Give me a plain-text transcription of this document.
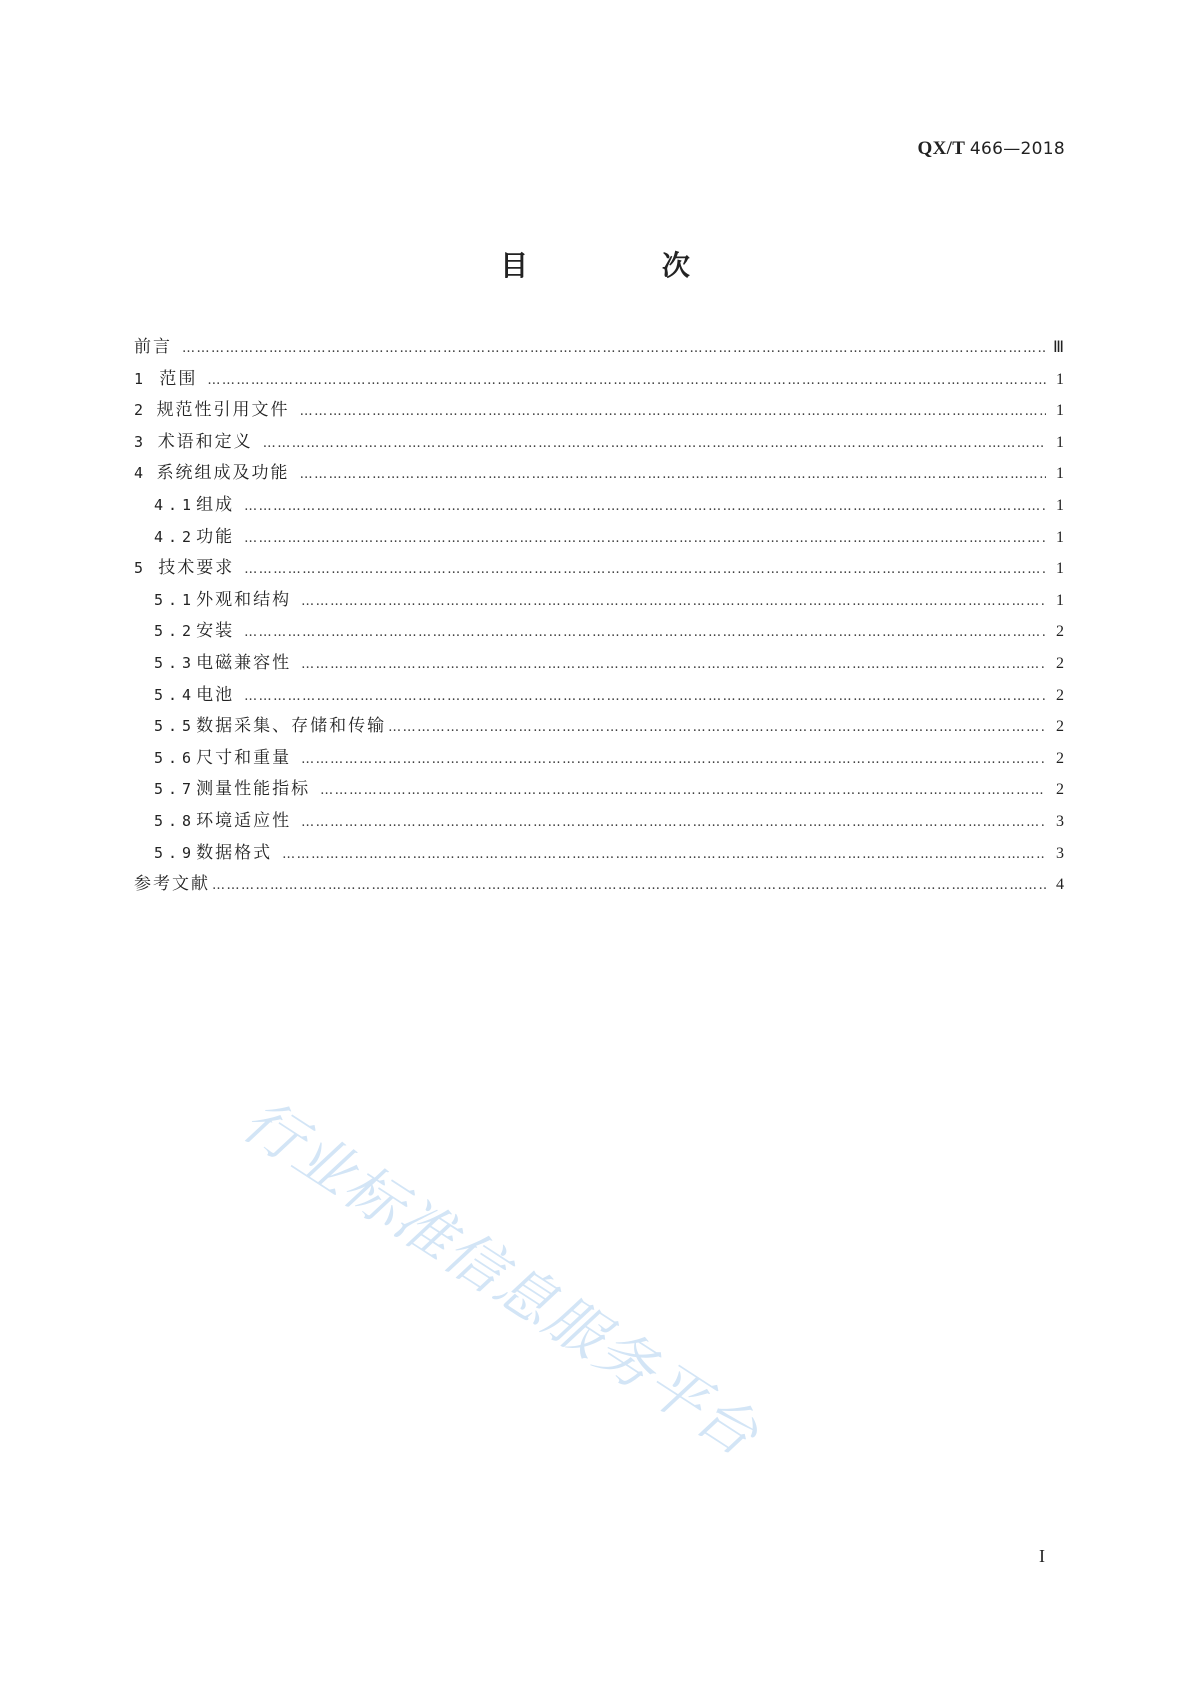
QX/T 466—2018
目 次
前言 …………………………………………………………………………………………………………………………………………………………………………………………………	Ⅲ
1 范围 …………………………………………………………………………………………………………………………………………………………………………………………………	1
2 规范性引用文件 …………………………………………………………………………………………………………………………………………………………………………………………………	1
3 术语和定义 …………………………………………………………………………………………………………………………………………………………………………………………………	1
4 系统组成及功能 …………………………………………………………………………………………………………………………………………………………………………………………………	1
4.1 组成 …………………………………………………………………………………………………………………………………………………………………………………………………	1
4.2 功能 …………………………………………………………………………………………………………………………………………………………………………………………………	1
5 技术要求 …………………………………………………………………………………………………………………………………………………………………………………………………	1
5.1 外观和结构 …………………………………………………………………………………………………………………………………………………………………………………………………	1
5.2 安装 …………………………………………………………………………………………………………………………………………………………………………………………………	2
5.3 电磁兼容性 …………………………………………………………………………………………………………………………………………………………………………………………………	2
5.4 电池 …………………………………………………………………………………………………………………………………………………………………………………………………	2
5.5 数据采集、存储和传输 …………………………………………………………………………………………………………………………………………………………………………………………………	2
5.6 尺寸和重量 …………………………………………………………………………………………………………………………………………………………………………………………………	2
5.7 测量性能指标 …………………………………………………………………………………………………………………………………………………………………………………………………	2
5.8 环境适应性 …………………………………………………………………………………………………………………………………………………………………………………………………	3
5.9 数据格式 …………………………………………………………………………………………………………………………………………………………………………………………………	3
参考文献 …………………………………………………………………………………………………………………………………………………………………………………………………	4
行业标准信息服务平台
I
